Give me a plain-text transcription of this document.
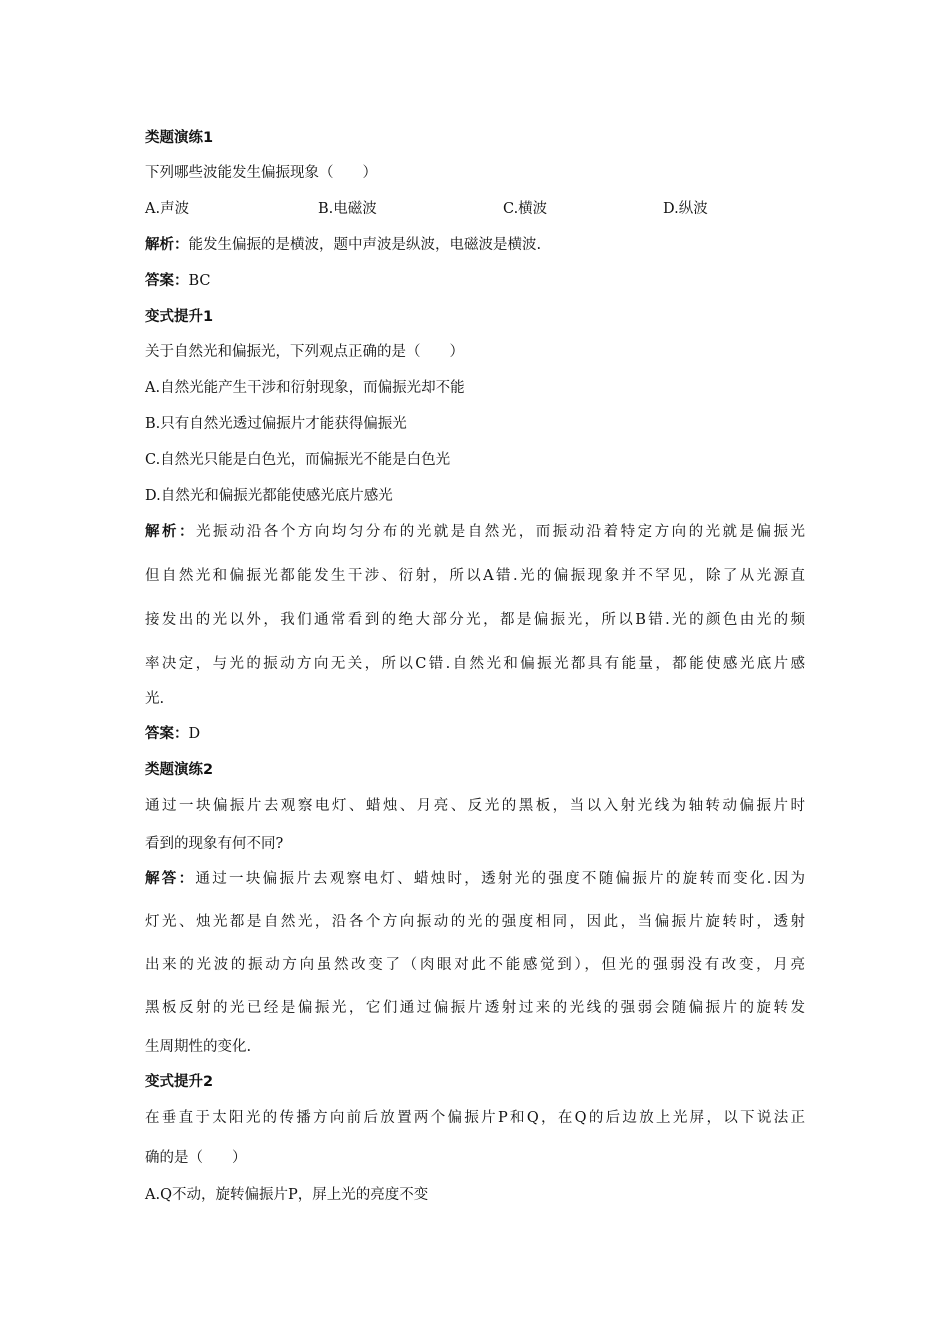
类题演练1
下列哪些波能发生偏振现象（　　）
A.声波	B.电磁波	C.横波	D.纵波
解析：能发生偏振的是横波，题中声波是纵波，电磁波是横波.
答案：BC
变式提升1
关于自然光和偏振光，下列观点正确的是（　　）
A.自然光能产生干涉和衍射现象，而偏振光却不能
B.只有自然光透过偏振片才能获得偏振光
C.自然光只能是白色光，而偏振光不能是白色光
D.自然光和偏振光都能使感光底片感光
解析：光振动沿各个方向均匀分布的光就是自然光，而振动沿着特定方向的光就是偏振光
但自然光和偏振光都能发生干涉、衍射，所以A错.光的偏振现象并不罕见，除了从光源直
接发出的光以外，我们通常看到的绝大部分光，都是偏振光，所以B错.光的颜色由光的频
率决定，与光的振动方向无关，所以C错.自然光和偏振光都具有能量，都能使感光底片感
光.
答案：D
类题演练2
通过一块偏振片去观察电灯、蜡烛、月亮、反光的黑板，当以入射光线为轴转动偏振片时
看到的现象有何不同?
解答：通过一块偏振片去观察电灯、蜡烛时，透射光的强度不随偏振片的旋转而变化.因为
灯光、烛光都是自然光，沿各个方向振动的光的强度相同，因此，当偏振片旋转时，透射
出来的光波的振动方向虽然改变了（肉眼对此不能感觉到），但光的强弱没有改变，月亮
黑板反射的光已经是偏振光，它们通过偏振片透射过来的光线的强弱会随偏振片的旋转发
生周期性的变化.
变式提升2
在垂直于太阳光的传播方向前后放置两个偏振片P和Q，在Q的后边放上光屏，以下说法正
确的是（　　）
A.Q不动，旋转偏振片P，屏上光的亮度不变
